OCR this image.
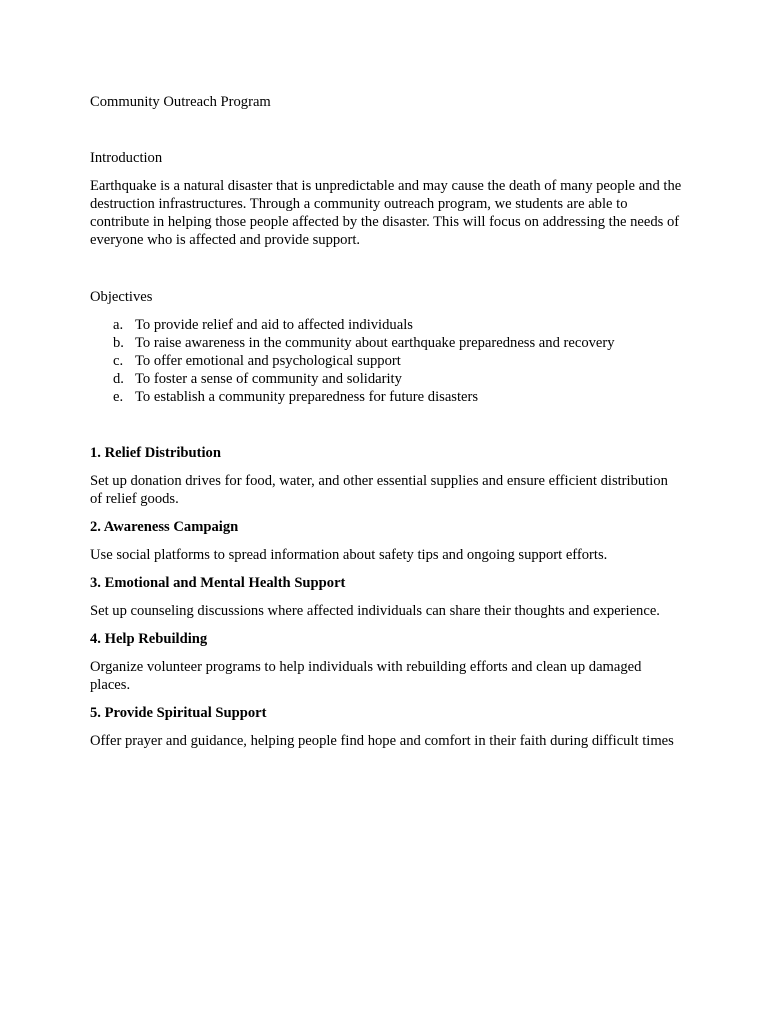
Community Outreach Program

Introduction

Earthquake is a natural disaster that is unpredictable and may cause the death of many people and the destruction infrastructures. Through a community outreach program, we students are able to contribute in helping those people affected by the disaster. This will focus on addressing the needs of everyone who is affected and provide support.

Objectives

a. To provide relief and aid to affected individuals
b. To raise awareness in the community about earthquake preparedness and recovery
c. To offer emotional and psychological support
d. To foster a sense of community and solidarity
e. To establish a community preparedness for future disasters

1. Relief Distribution

Set up donation drives for food, water, and other essential supplies and ensure efficient distribution of relief goods.

2. Awareness Campaign

Use social platforms to spread information about safety tips and ongoing support efforts.

3. Emotional and Mental Health Support

Set up counseling discussions where affected individuals can share their thoughts and experience.

4. Help Rebuilding

Organize volunteer programs to help individuals with rebuilding efforts and clean up damaged places.

5. Provide Spiritual Support

Offer prayer and guidance, helping people find hope and comfort in their faith during difficult times
